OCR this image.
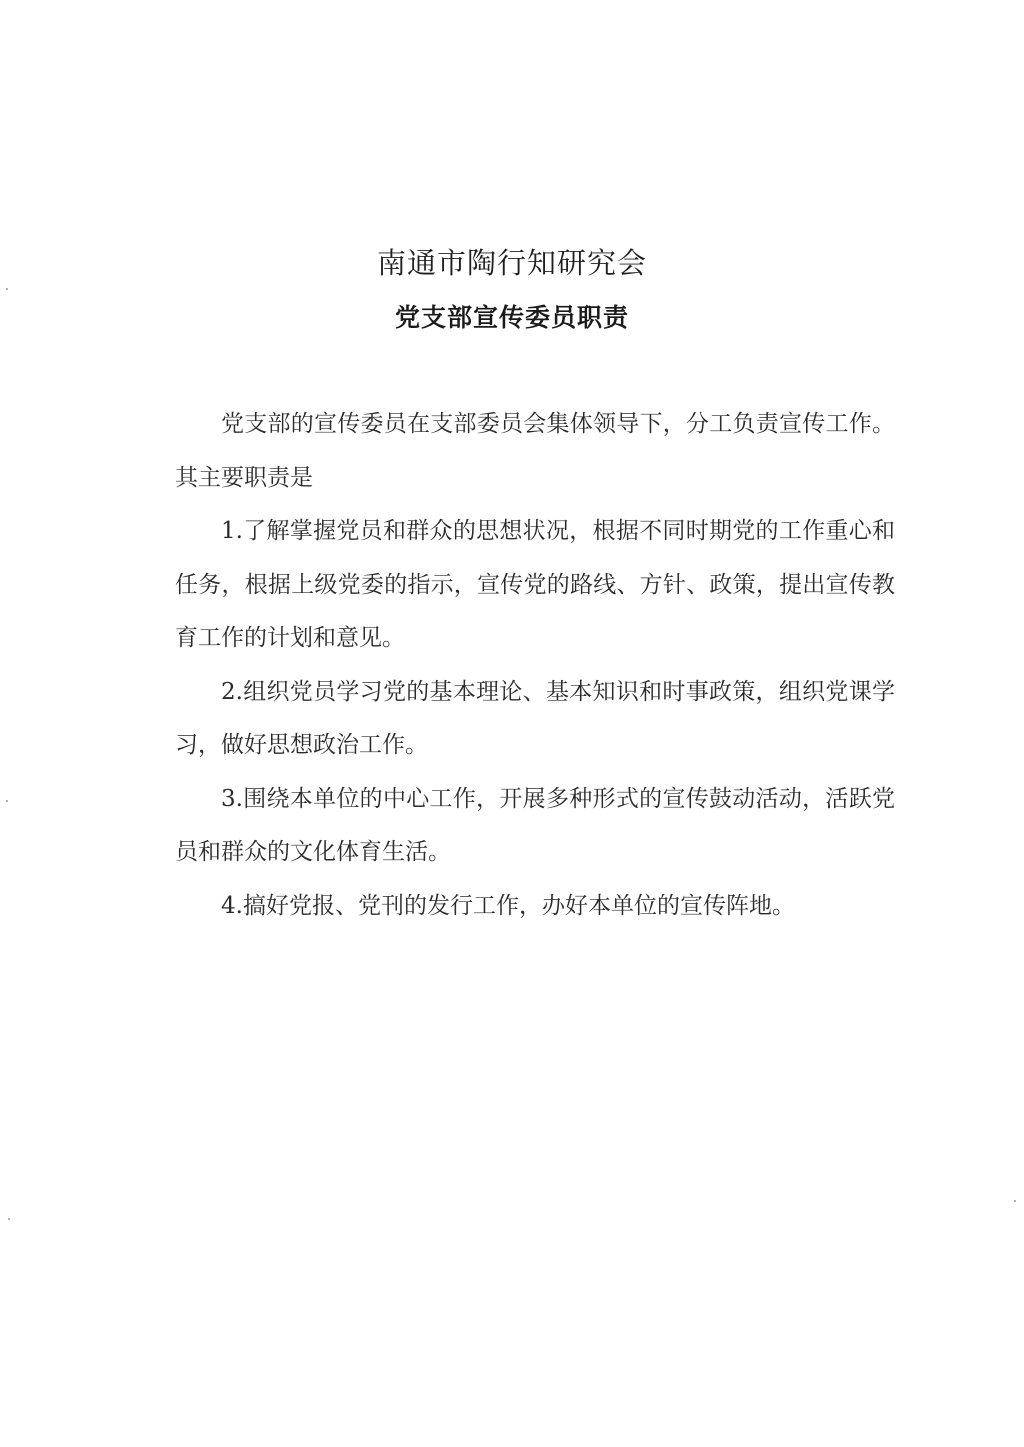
南通市陶行知研究会
党支部宣传委员职责

党支部的宣传委员在支部委员会集体领导下，分工负责宣传工作。其主要职责是

1.了解掌握党员和群众的思想状况，根据不同时期党的工作重心和任务，根据上级党委的指示，宣传党的路线、方针、政策，提出宣传教育工作的计划和意见。

2.组织党员学习党的基本理论、基本知识和时事政策，组织党课学习，做好思想政治工作。

3.围绕本单位的中心工作，开展多种形式的宣传鼓动活动，活跃党员和群众的文化体育生活。

4.搞好党报、党刊的发行工作，办好本单位的宣传阵地。
